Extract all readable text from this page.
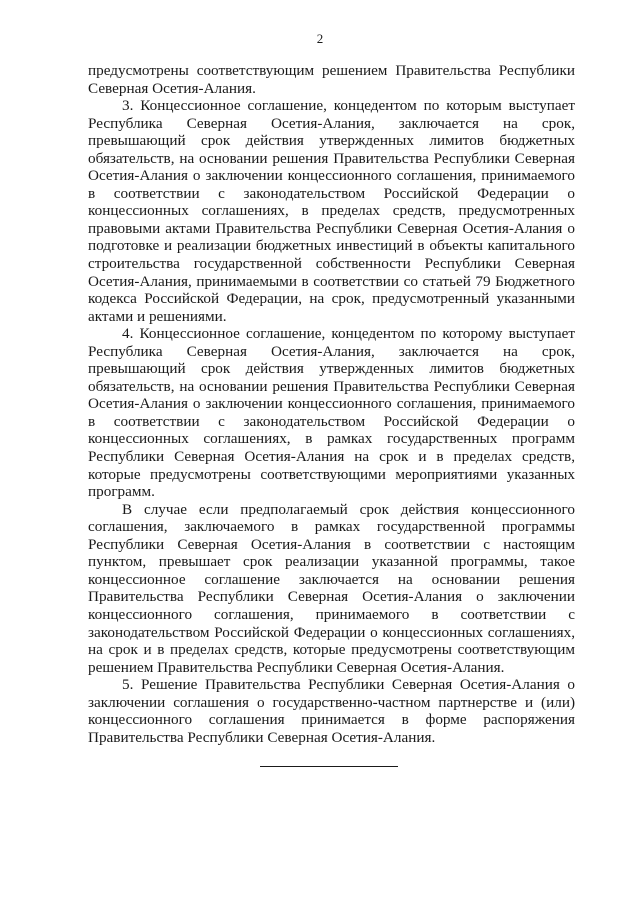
2

предусмотрены соответствующим решением Правительства Республики Северная Осетия-Алания.

3. Концессионное соглашение, концедентом по которым выступает Республика Северная Осетия-Алания, заключается на срок, превышающий срок действия утвержденных лимитов бюджетных обязательств, на основании решения Правительства Республики Северная Осетия-Алания о заключении концессионного соглашения, принимаемого в соответствии с законодательством Российской Федерации о концессионных соглашениях, в пределах средств, предусмотренных правовыми актами Правительства Республики Северная Осетия-Алания о подготовке и реализации бюджетных инвестиций в объекты капитального строительства государственной собственности Республики Северная Осетия-Алания, принимаемыми в соответствии со статьей 79 Бюджетного кодекса Российской Федерации, на срок, предусмотренный указанными актами и решениями.

4. Концессионное соглашение, концедентом по которому выступает Республика Северная Осетия-Алания, заключается на срок, превышающий срок действия утвержденных лимитов бюджетных обязательств, на основании решения Правительства Республики Северная Осетия-Алания о заключении концессионного соглашения, принимаемого в соответствии с законодательством Российской Федерации о концессионных соглашениях, в рамках государственных программ Республики Северная Осетия-Алания на срок и в пределах средств, которые предусмотрены соответствующими мероприятиями указанных программ.

В случае если предполагаемый срок действия концессионного соглашения, заключаемого в рамках государственной программы Республики Северная Осетия-Алания в соответствии с настоящим пунктом, превышает срок реализации указанной программы, такое концессионное соглашение заключается на основании решения Правительства Республики Северная Осетия-Алания о заключении концессионного соглашения, принимаемого в соответствии с законодательством Российской Федерации о концессионных соглашениях, на срок и в пределах средств, которые предусмотрены соответствующим решением Правительства Республики Северная Осетия-Алания.

5. Решение Правительства Республики Северная Осетия-Алания о заключении соглашения о государственно-частном партнерстве и (или) концессионного соглашения принимается в форме распоряжения Правительства Республики Северная Осетия-Алания.
